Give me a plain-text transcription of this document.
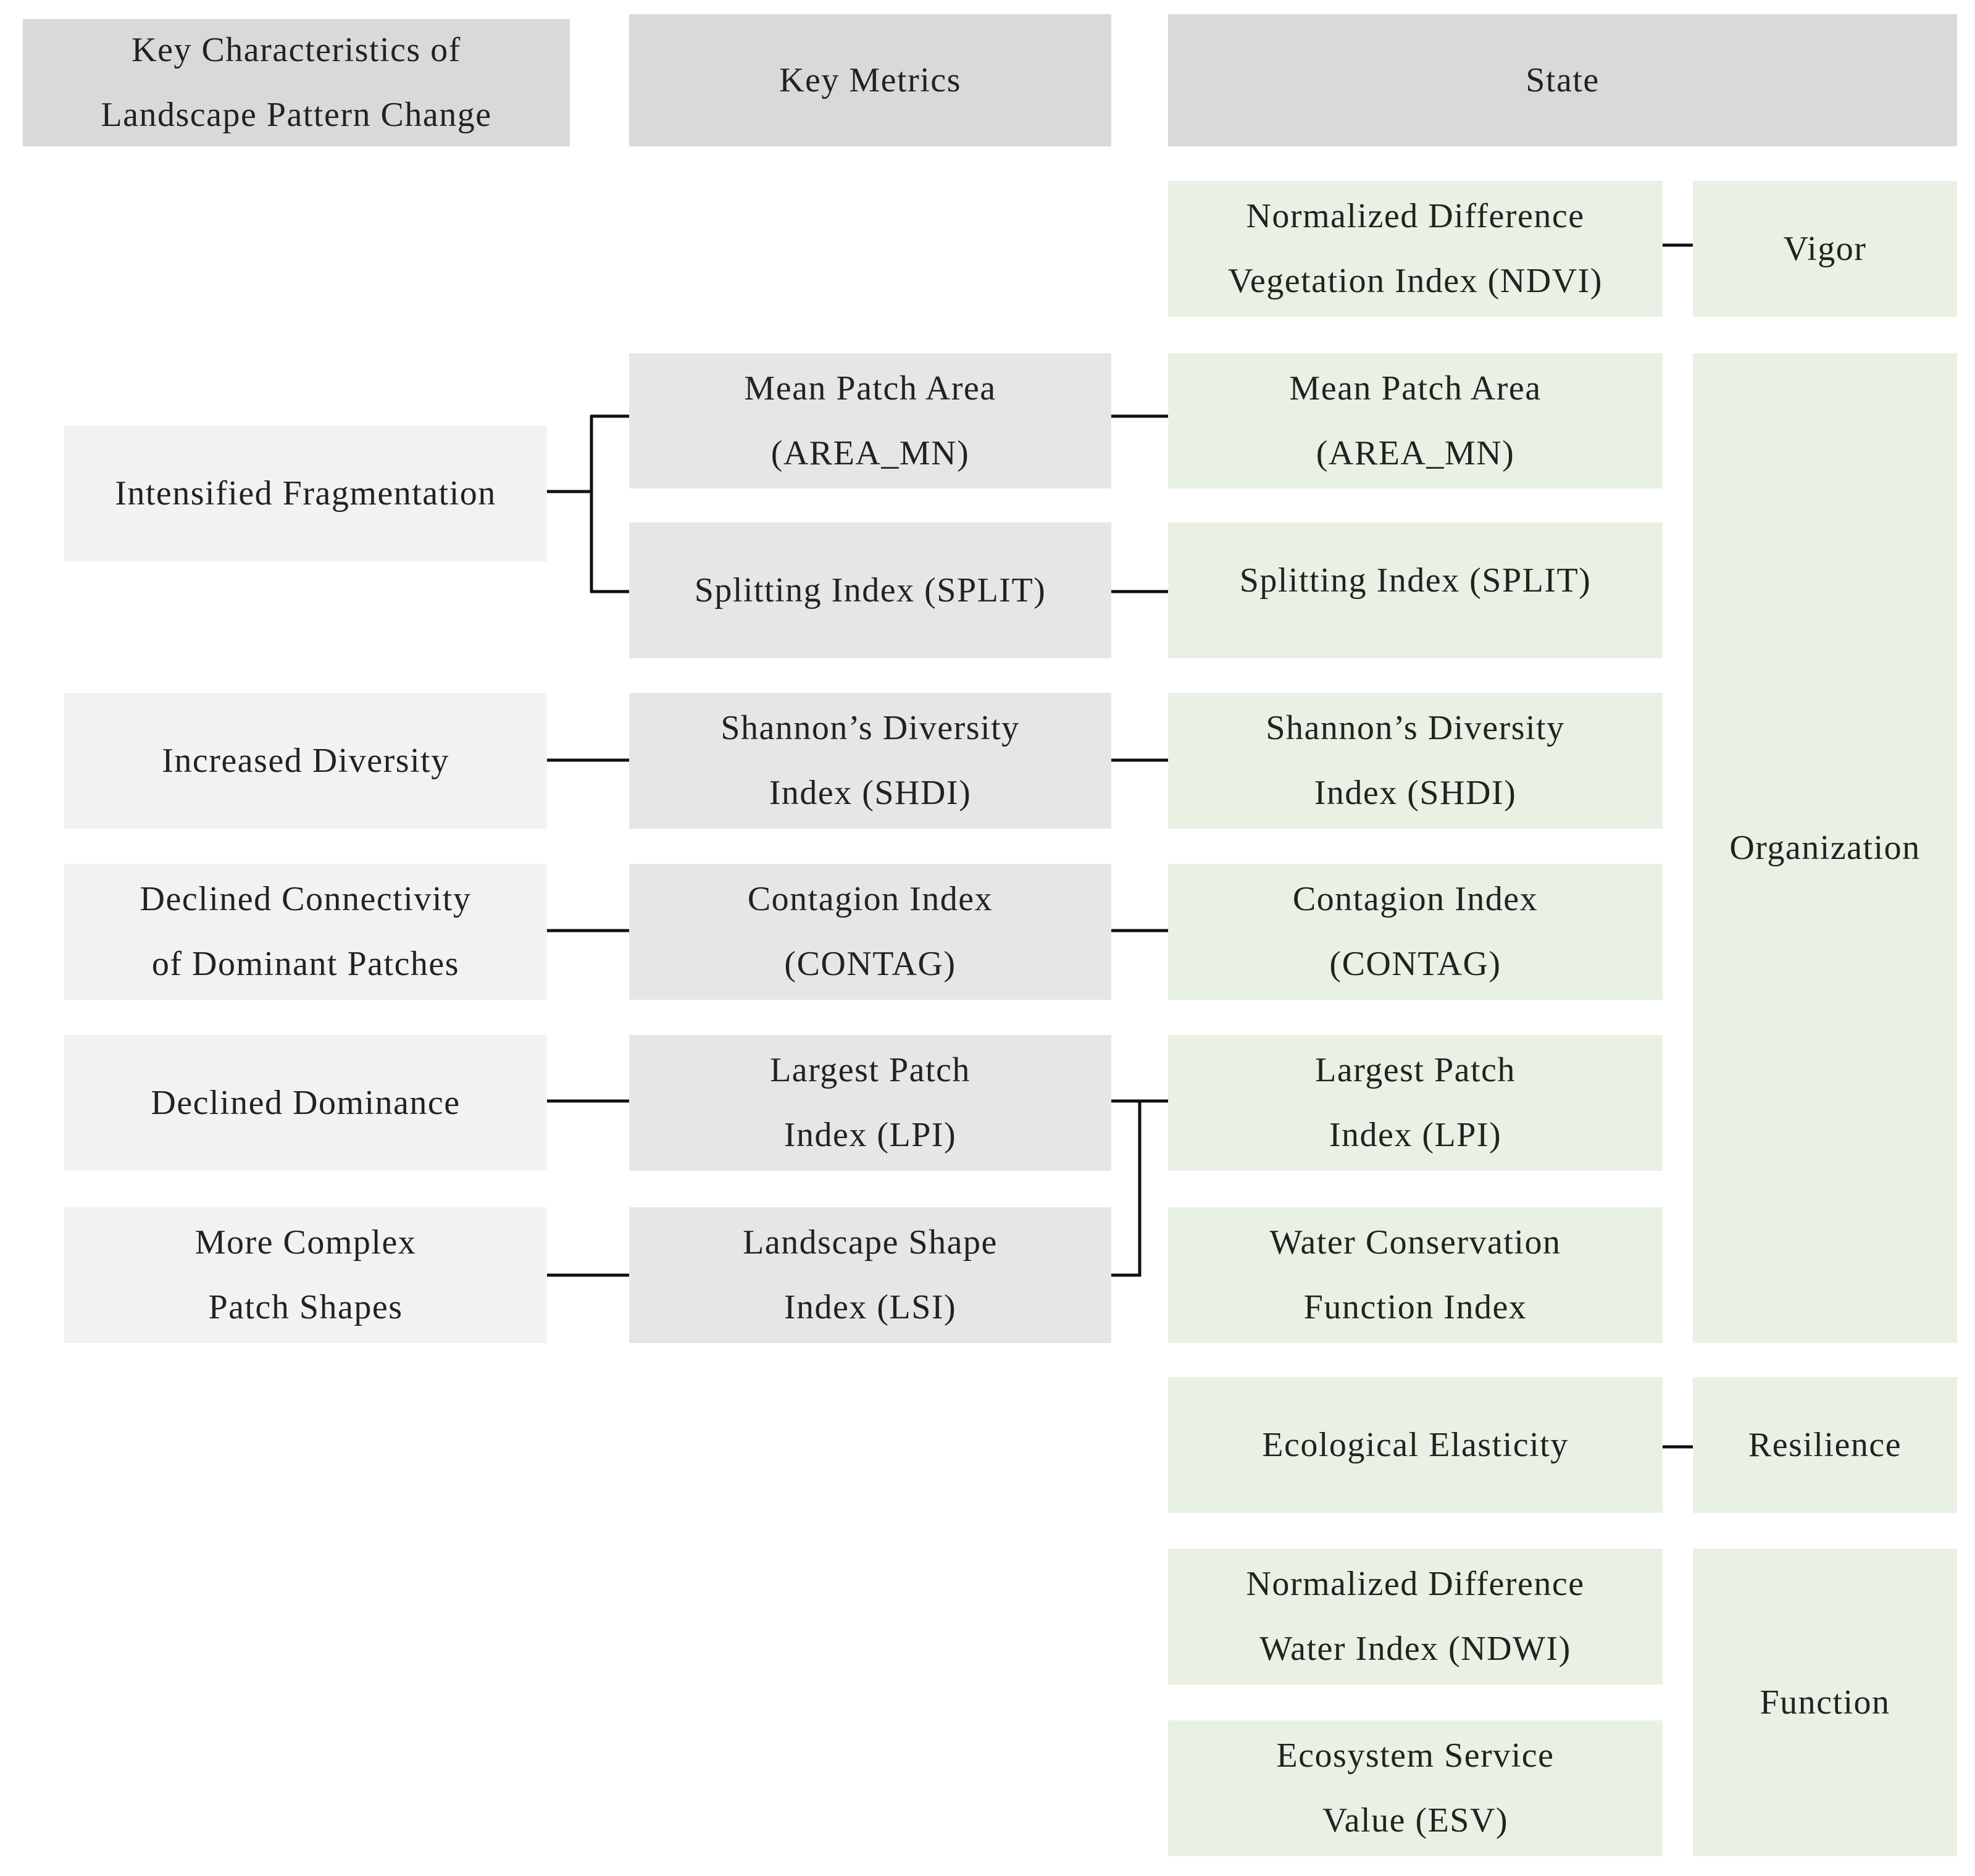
Key Characteristics of
Landscape Pattern Change
Key Metrics	State
Intensified Fragmentation
Increased Diversity
Declined Connectivity
of Dominant Patches
Declined Dominance
More Complex
Patch Shapes
Mean Patch Area
(AREA_MN)
Splitting Index (SPLIT)
Shannon’s Diversity
Index (SHDI)
Contagion Index
(CONTAG)
Largest Patch
Index (LPI)
Landscape Shape
Index (LSI)
Normalized Difference
Vegetation Index (NDVI)
Mean Patch Area
(AREA_MN)
Splitting Index (SPLIT)
Shannon’s Diversity
Index (SHDI)
Contagion Index
(CONTAG)
Largest Patch
Index (LPI)
Water Conservation
Function Index
Ecological Elasticity
Normalized Difference
Water Index (NDWI)
Ecosystem Service
Value (ESV)
Vigor
Organization
Resilience
Function
